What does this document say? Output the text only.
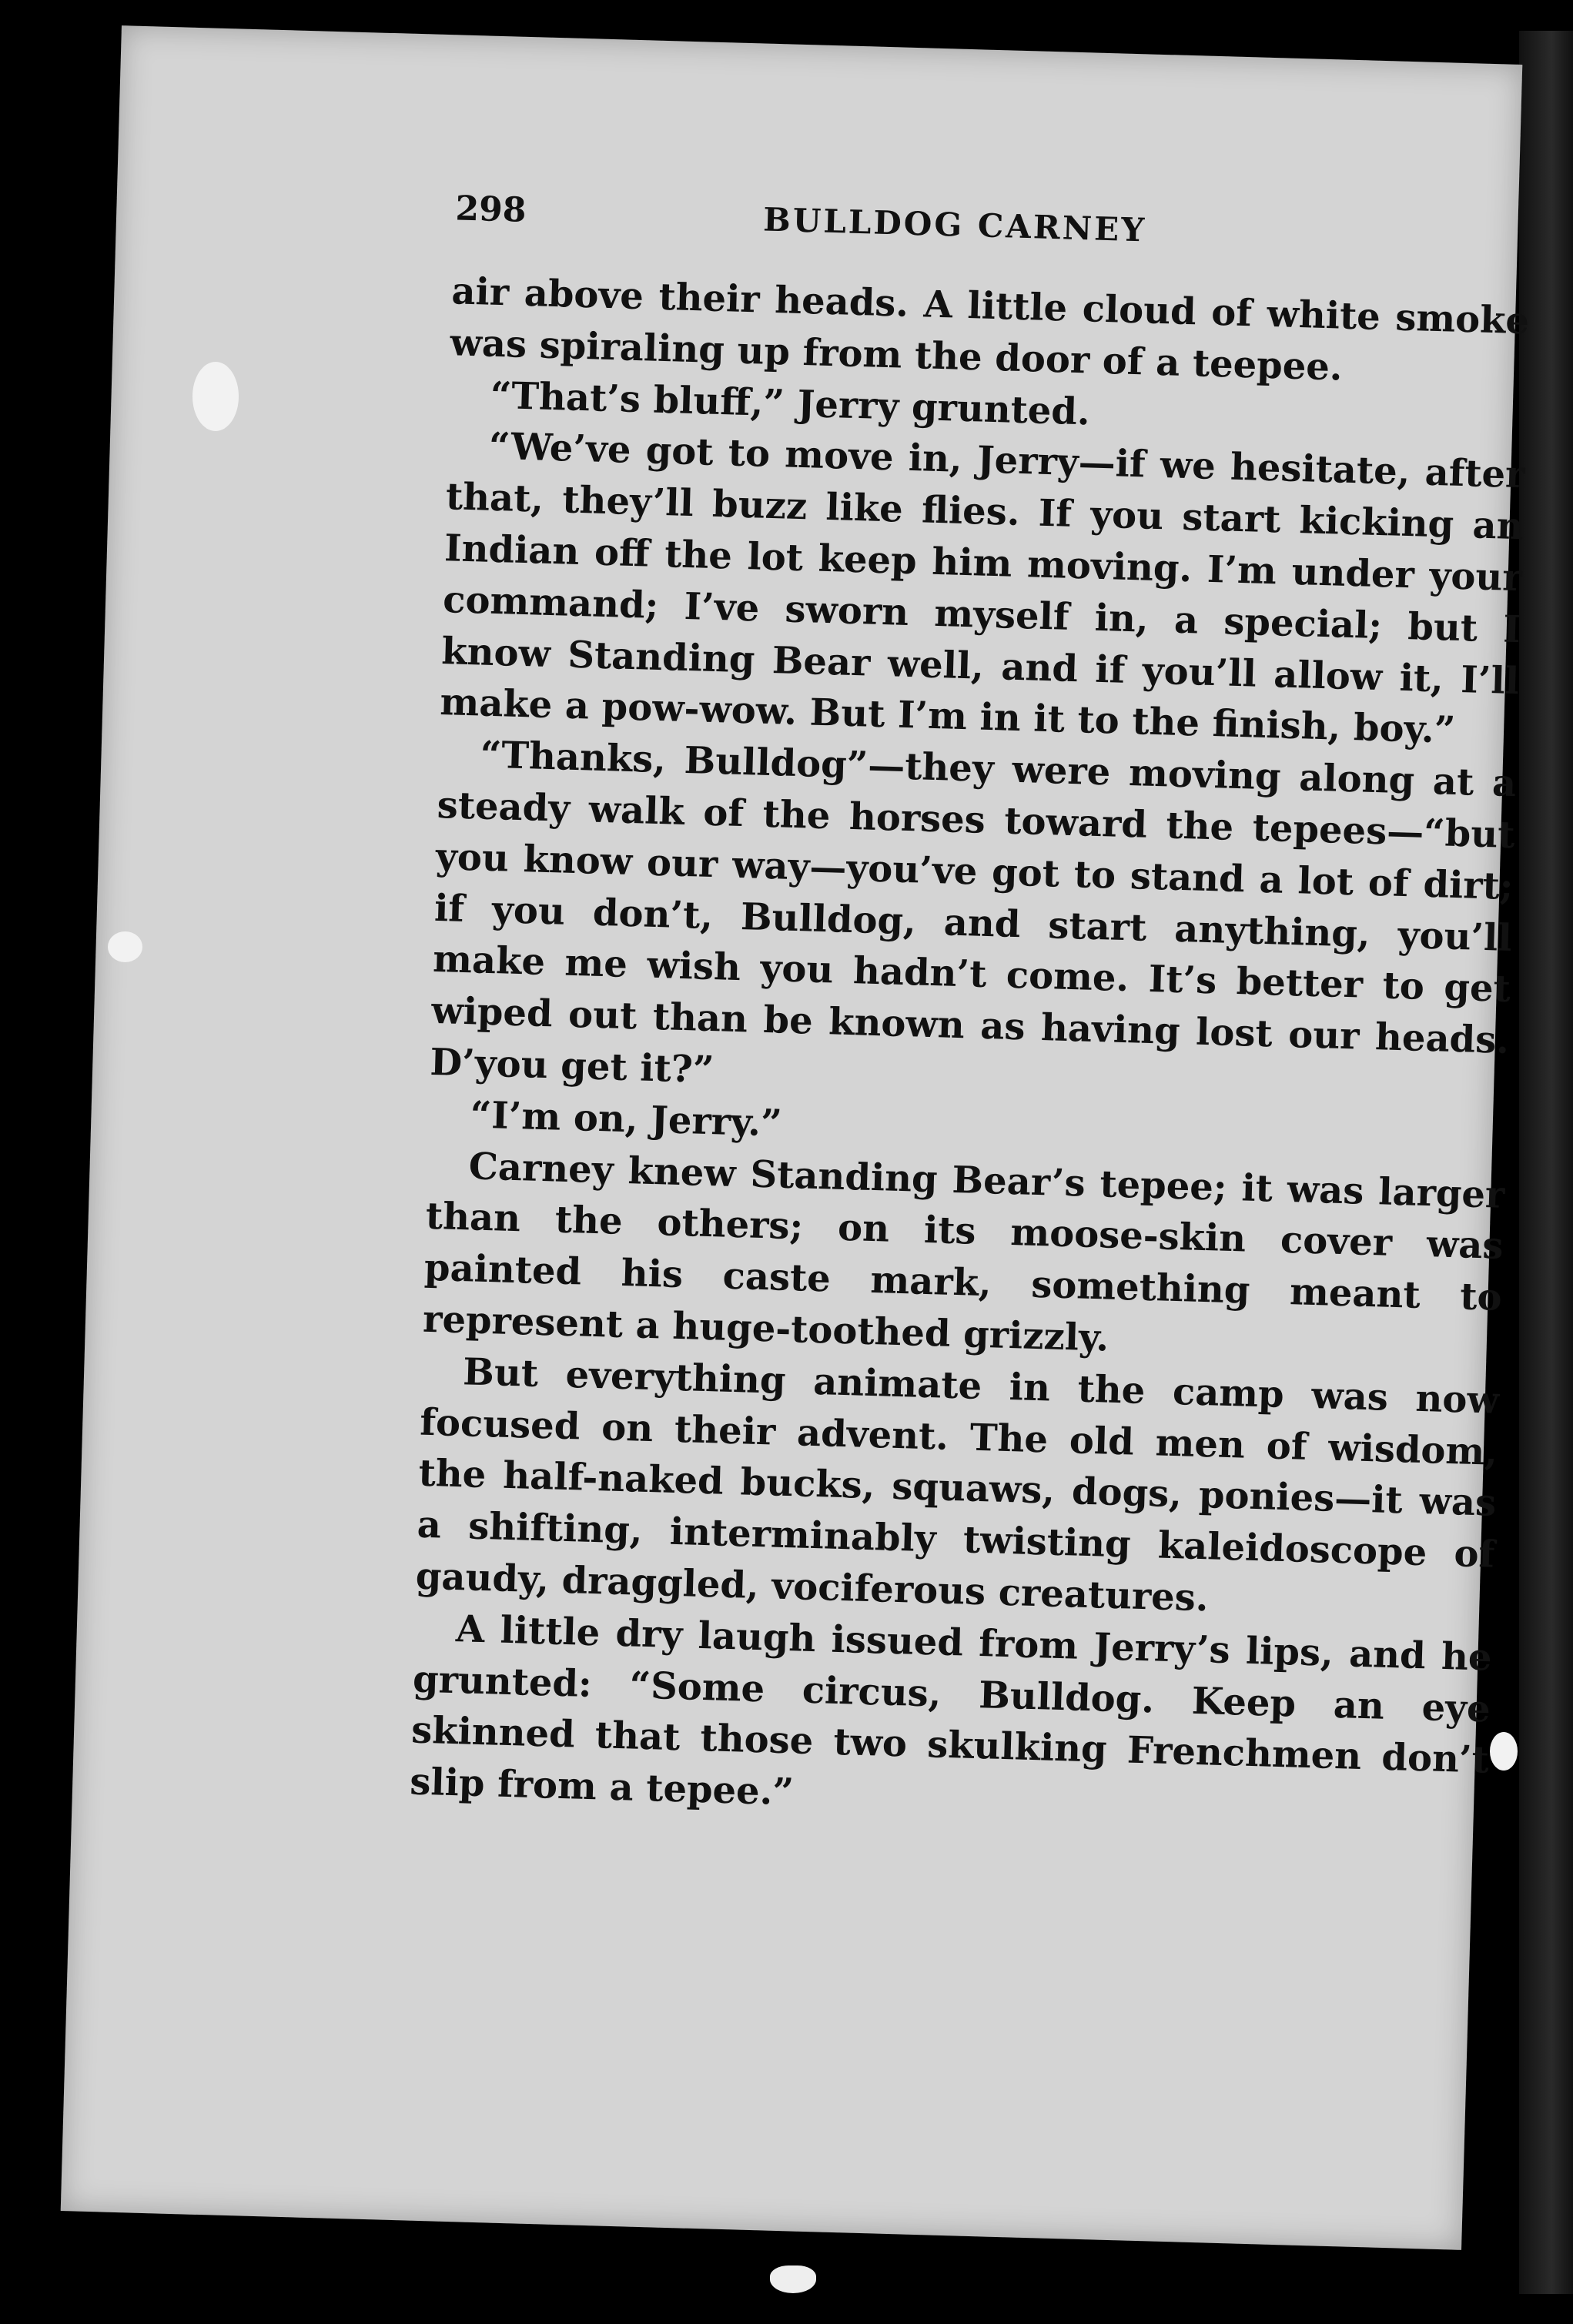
298	BULLDOG CARNEY

air above their heads. A little cloud of white smoke was spiraling up from the door of a teepee.

“That’s bluff,” Jerry grunted.

“We’ve got to move in, Jerry—if we hesitate, after that, they’ll buzz like flies. If you start kicking an Indian off the lot keep him moving. I’m under your command; I’ve sworn myself in, a special; but I know Standing Bear well, and if you’ll allow it, I’ll make a pow-wow. But I’m in it to the finish, boy.”

“Thanks, Bulldog”—they were moving along at a steady walk of the horses toward the tepees—“but you know our way—you’ve got to stand a lot of dirt; if you don’t, Bulldog, and start anything, you’ll make me wish you hadn’t come. It’s better to get wiped out than be known as having lost our heads. D’you get it?”

“I’m on, Jerry.”

Carney knew Standing Bear’s tepee; it was larger than the others; on its moose-skin cover was painted his caste mark, something meant to represent a huge-toothed grizzly.

But everything animate in the camp was now focused on their advent. The old men of wisdom, the half-naked bucks, squaws, dogs, ponies—it was a shifting, interminably twisting kaleidoscope of gaudy, draggled, vociferous creatures.

A little dry laugh issued from Jerry’s lips, and he grunted: “Some circus, Bulldog. Keep an eye skinned that those two skulking Frenchmen don’t slip from a tepee.”
